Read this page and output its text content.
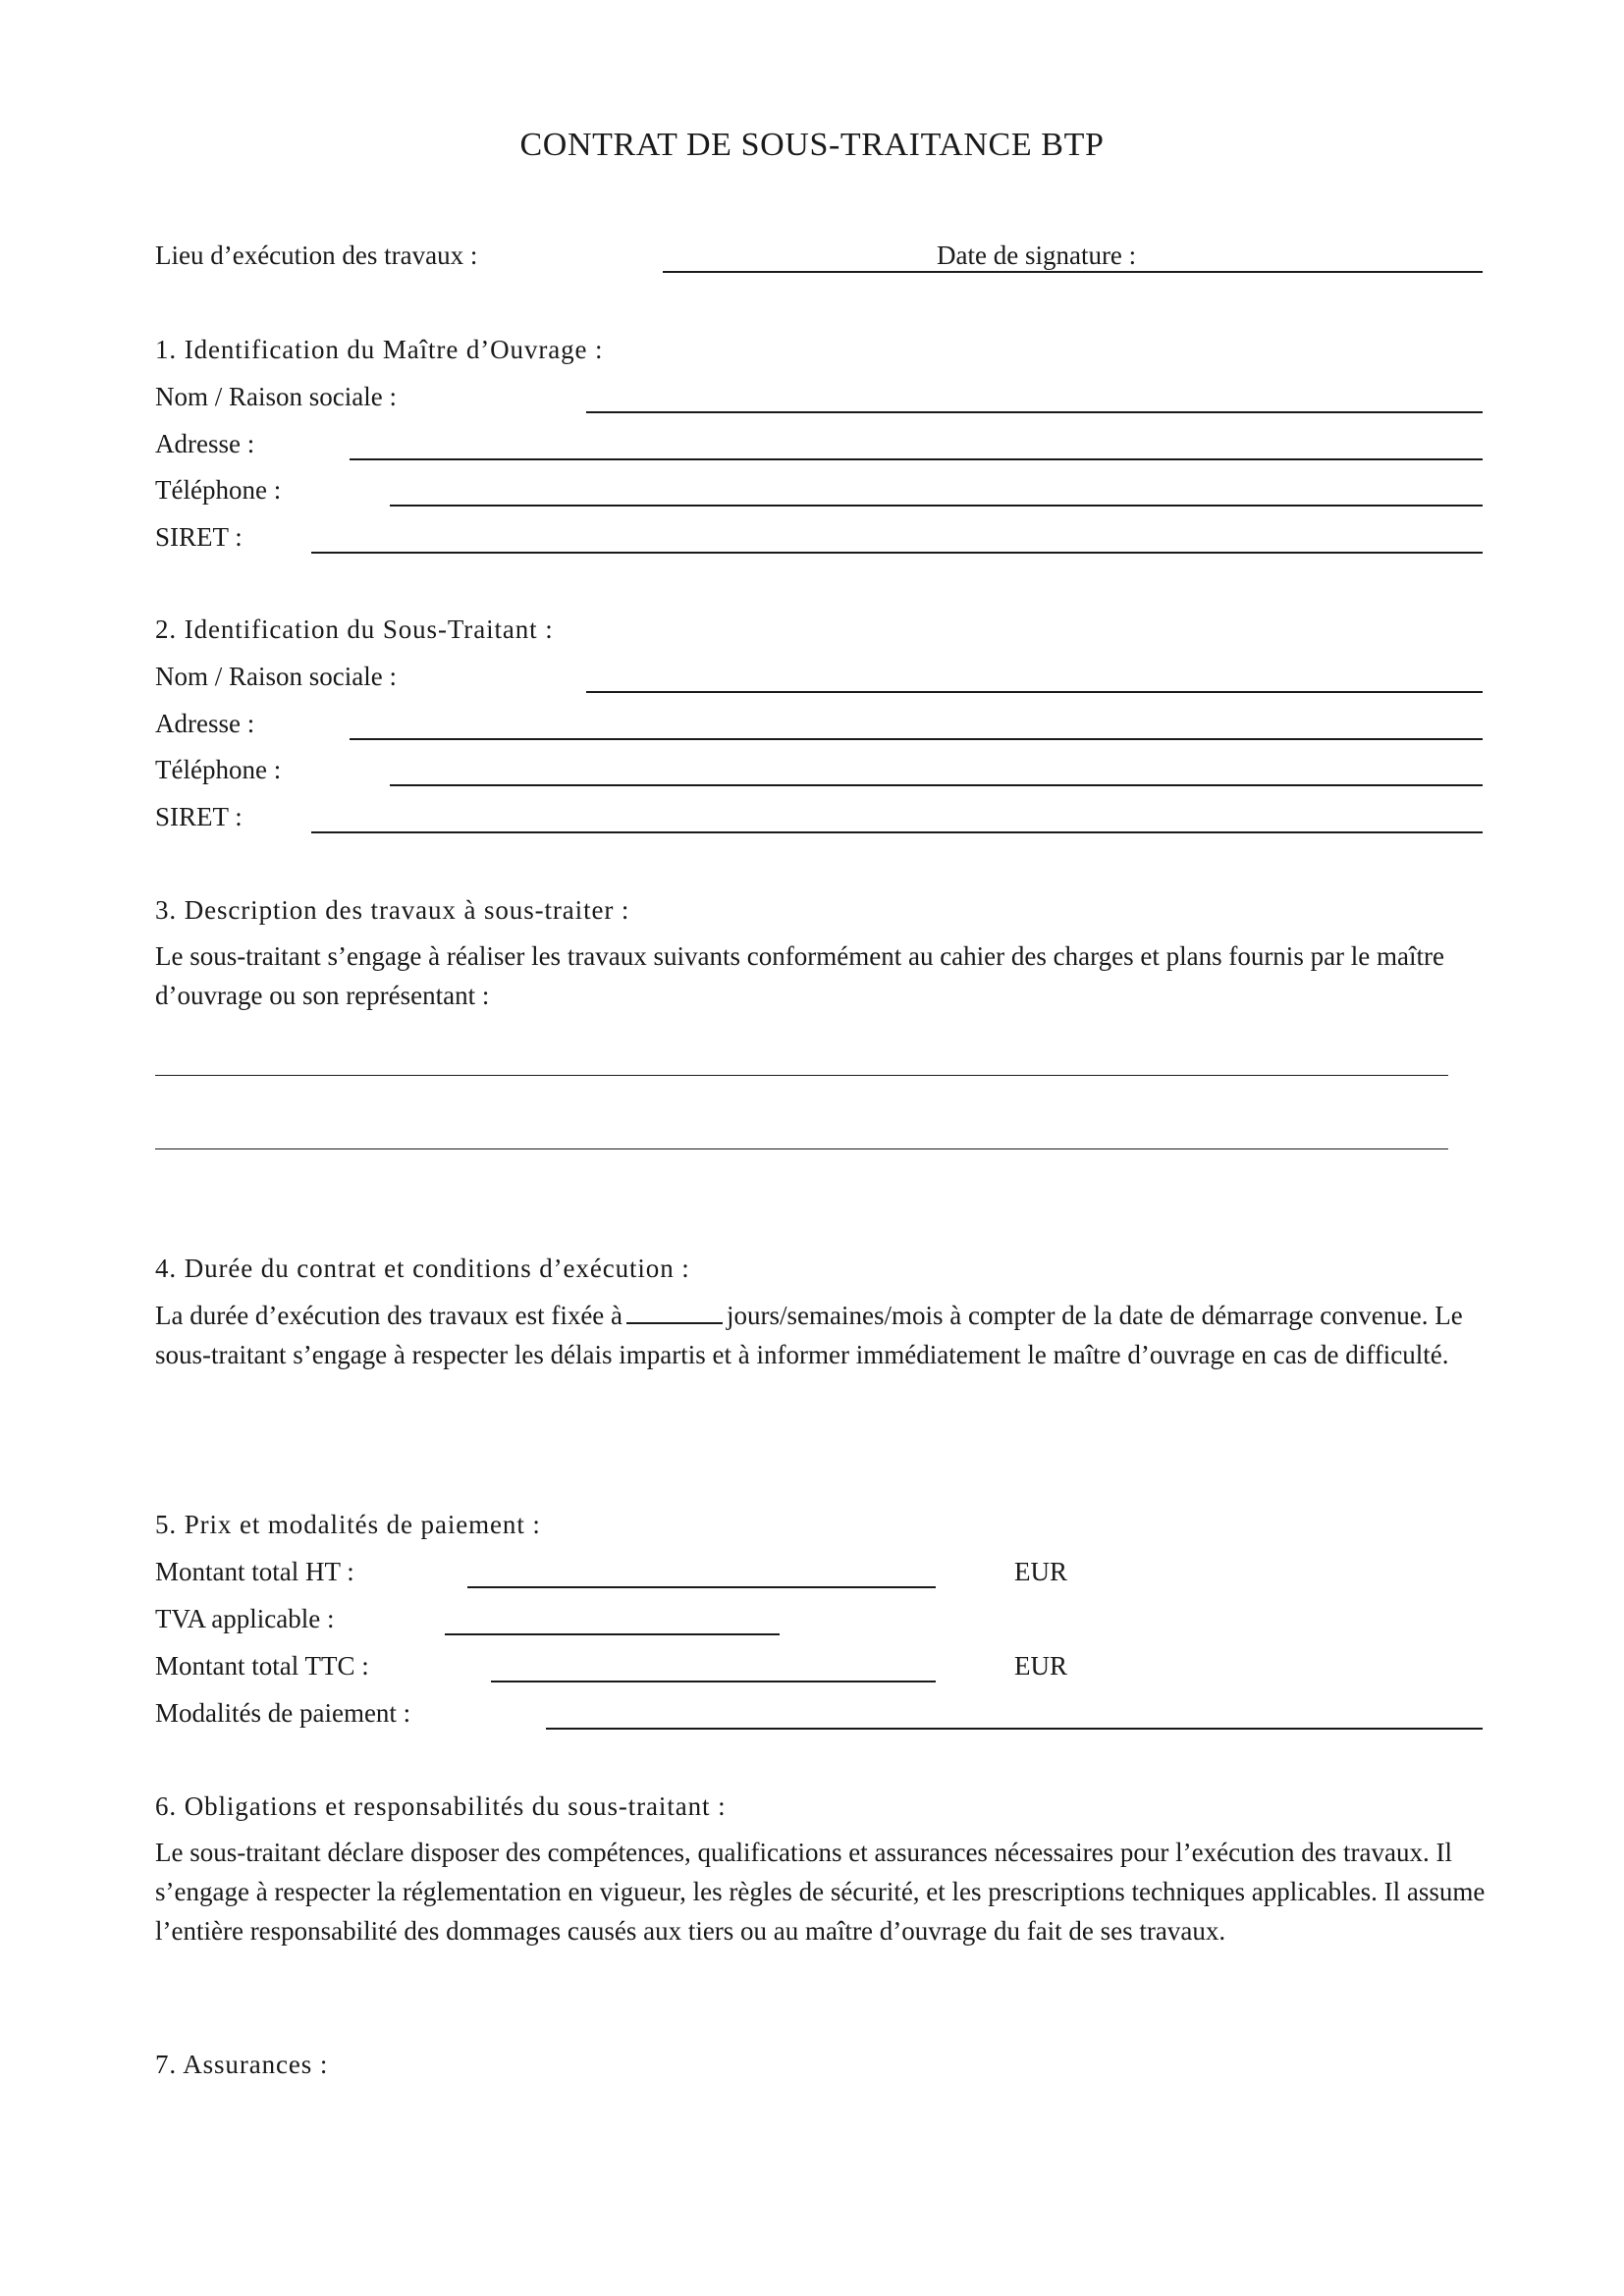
CONTRAT DE SOUS-TRAITANCE BTP
Lieu d’exécution des travaux :	Date de signature :
1. Identification du Maître d’Ouvrage :
Nom / Raison sociale :
Adresse :
Téléphone :
SIRET :
2. Identification du Sous-Traitant :
Nom / Raison sociale :
Adresse :
Téléphone :
SIRET :
3. Description des travaux à sous-traiter :
Le sous-traitant s’engage à réaliser les travaux suivants conformément au cahier des charges et plans fournis par le maître d’ouvrage ou son représentant :
4. Durée du contrat et conditions d’exécution :
La durée d’exécution des travaux est fixée à	jours/semaines/mois à compter de la date de démarrage convenue. Le sous-traitant s’engage à respecter les délais impartis et à informer immédiatement le maître d’ouvrage en cas de difficulté.
5. Prix et modalités de paiement :
Montant total HT :	EUR
TVA applicable :
Montant total TTC :	EUR
Modalités de paiement :
6. Obligations et responsabilités du sous-traitant :
Le sous-traitant déclare disposer des compétences, qualifications et assurances nécessaires pour l’exécution des travaux. Il s’engage à respecter la réglementation en vigueur, les règles de sécurité, et les prescriptions techniques applicables. Il assume l’entière responsabilité des dommages causés aux tiers ou au maître d’ouvrage du fait de ses travaux.
7. Assurances :
